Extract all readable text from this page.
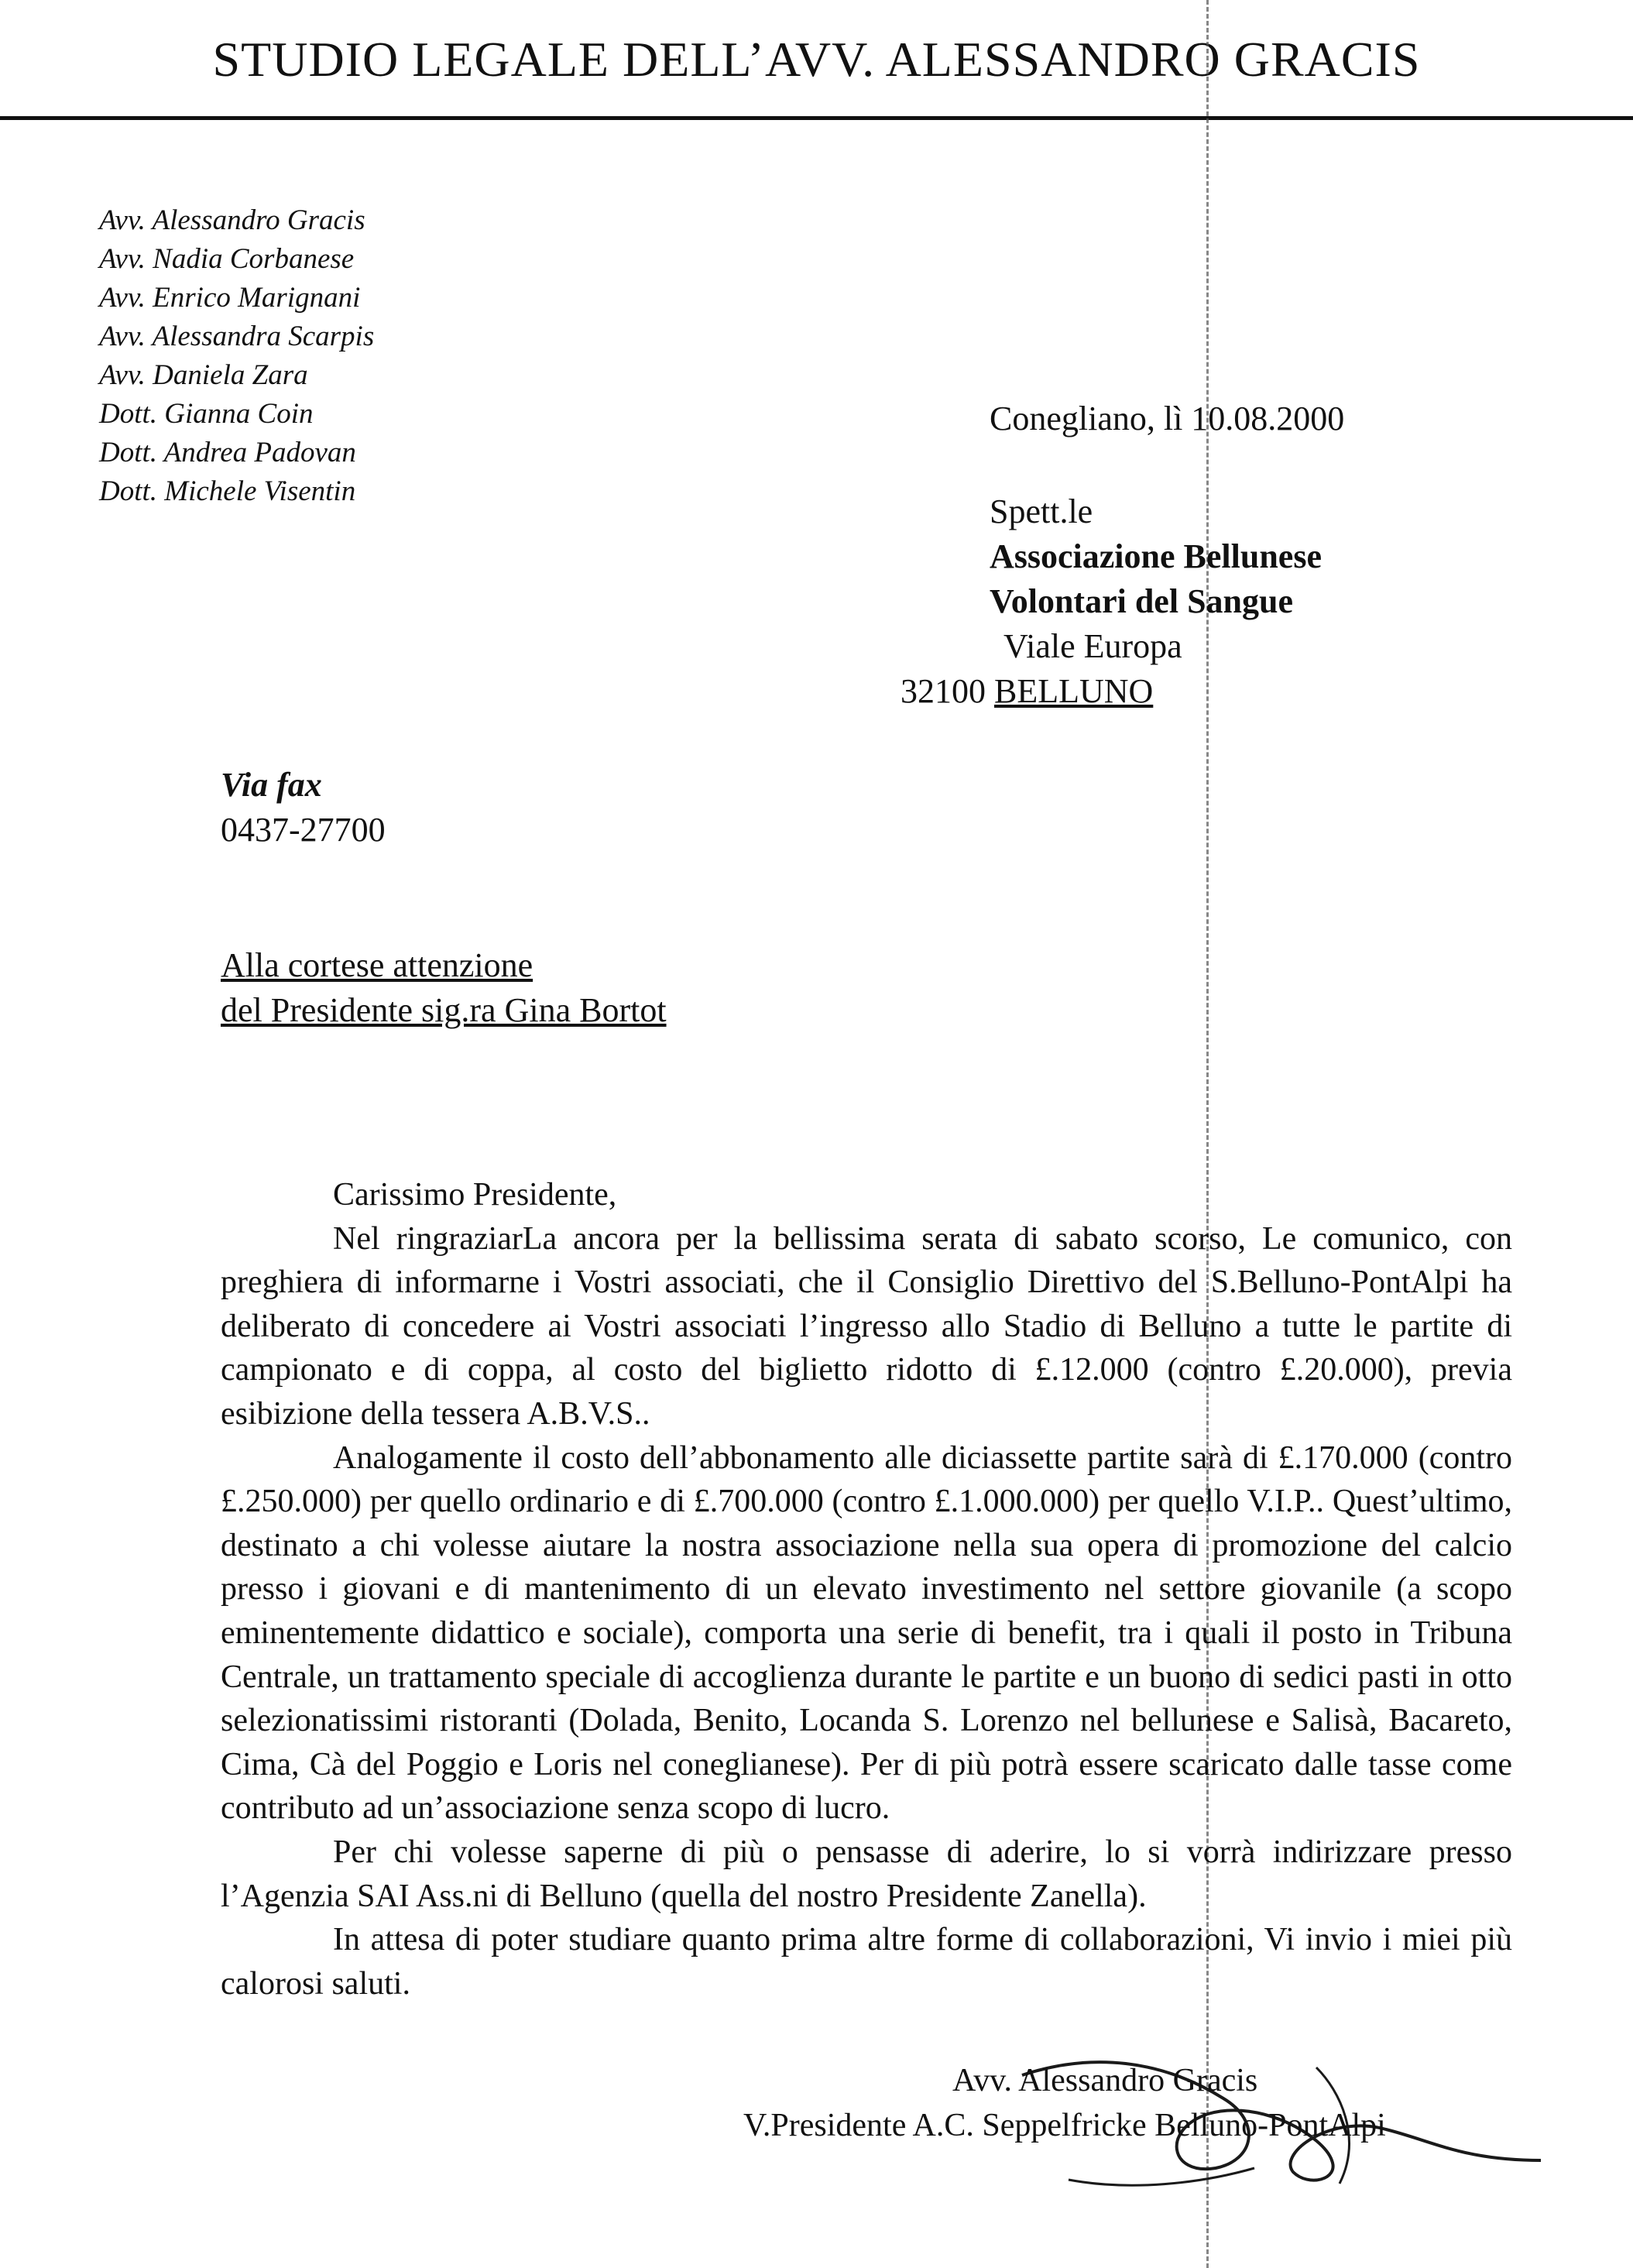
STUDIO LEGALE DELL’AVV. ALESSANDRO GRACIS
Avv. Alessandro Gracis
Avv. Nadia Corbanese
Avv. Enrico Marignani
Avv. Alessandra Scarpis
Avv. Daniela Zara
Dott. Gianna Coin
Dott. Andrea Padovan
Dott. Michele Visentin
Conegliano, lì 10.08.2000
Spett.le
Associazione Bellunese
Volontari del Sangue
Viale Europa
32100 BELLUNO
Via fax
0437-27700
Alla cortese attenzione
del Presidente sig.ra Gina Bortot

Carissimo Presidente,

Nel ringraziarLa ancora per la bellissima serata di sabato scorso, Le comunico, con preghiera di informarne i Vostri associati, che il Consiglio Direttivo del S.Belluno-PontAlpi ha deliberato di concedere ai Vostri associati l’ingresso allo Stadio di Belluno a tutte le partite di campionato e di coppa, al costo del biglietto ridotto di £.12.000 (contro £.20.000), previa esibizione della tessera A.B.V.S..

Analogamente il costo dell’abbonamento alle diciassette partite sarà di £.170.000 (contro £.250.000) per quello ordinario e di £.700.000 (contro £.1.000.000) per quello V.I.P.. Quest’ultimo, destinato a chi volesse aiutare la nostra associazione nella sua opera di promozione del calcio presso i giovani e di mantenimento di un elevato investimento nel settore giovanile (a scopo eminentemente didattico e sociale), comporta una serie di benefit, tra i quali il posto in Tribuna Centrale, un trattamento speciale di accoglienza durante le partite e un buono di sedici pasti in otto selezionatissimi ristoranti (Dolada, Benito, Locanda S. Lorenzo nel bellunese e Salisà, Bacareto, Cima, Cà del Poggio e Loris nel coneglianese). Per di più potrà essere scaricato dalle tasse come contributo ad un’associazione senza scopo di lucro.

Per chi volesse saperne di più o pensasse di aderire, lo si vorrà indirizzare presso l’Agenzia SAI Ass.ni di Belluno (quella del nostro Presidente Zanella).

In attesa di poter studiare quanto prima altre forme di collaborazioni, Vi invio i miei più calorosi saluti.

Avv. Alessandro Gracis
V.Presidente A.C. Seppelfricke Belluno-PontAlpi
